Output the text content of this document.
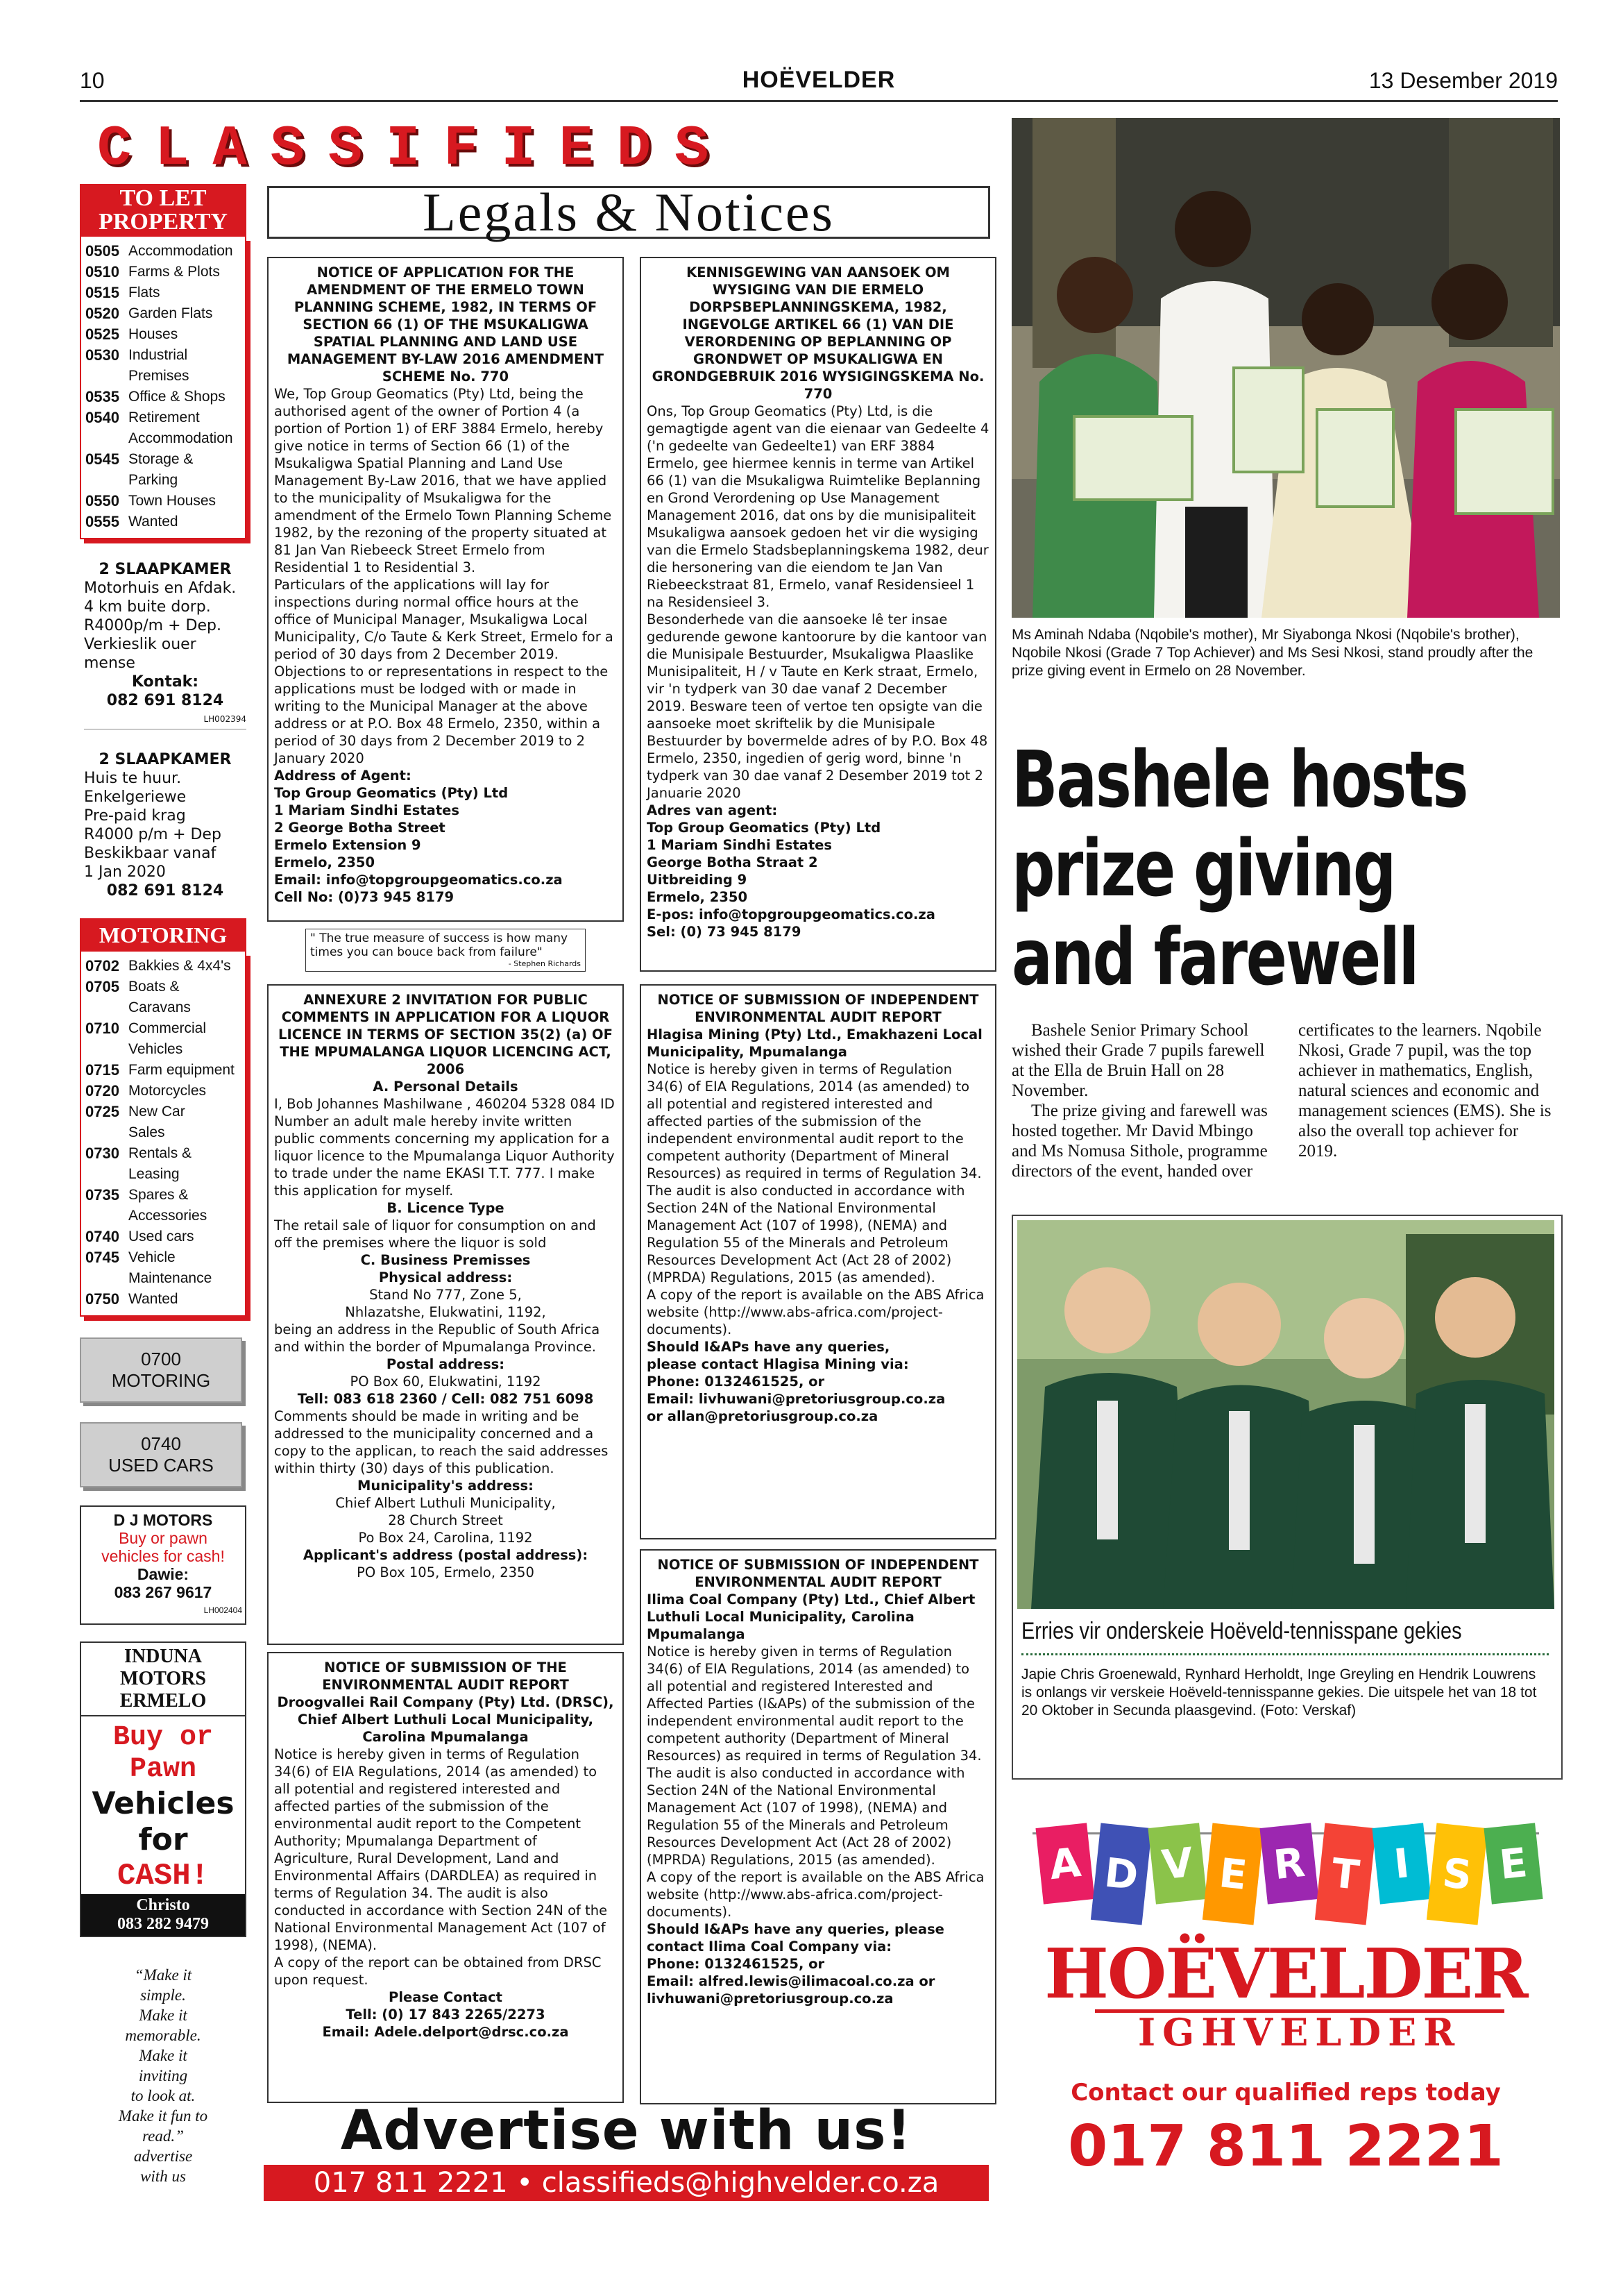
10	HOËVELDER	13 Desember 2019
CLASSIFIEDS
TO LET
PROPERTY
0505 Accommodation
0510 Farms & Plots
0515 Flats
0520 Garden Flats
0525 Houses
0530 Industrial
Premises
0535 Office & Shops
0540 Retirement
Accommodation
0545 Storage &
Parking
0550 Town Houses
0555 Wanted
2 SLAAPKAMER
Motorhuis en Afdak.
4 km buite dorp.
R4000p/m + Dep.
Verkieslik ouer
mense
Kontak:
082 691 8124
LH002394
2 SLAAPKAMER
Huis te huur.
Enkelgeriewe
Pre-paid krag
R4000 p/m + Dep
Beskikbaar vanaf
1 Jan 2020
082 691 8124
MOTORING
0702 Bakkies & 4x4's
0705 Boats &
Caravans
0710 Commercial
Vehicles
0715 Farm equipment
0720 Motorcycles
0725 New Car
Sales
0730 Rentals &
Leasing
0735 Spares &
Accessories
0740 Used cars
0745 Vehicle
Maintenance
0750 Wanted
0700
MOTORING
0740
USED CARS
D J MOTORS
Buy or pawn
vehicles for cash!
Dawie:
083 267 9617
LH002404
INDUNA MOTORS
ERMELO
Buy or
Pawn
Vehicles
for
CASH!
Christo
083 282 9479
“Make it
simple.
Make it
memorable.
Make it
inviting
to look at.
Make it fun to
read.”
advertise
with us
Legals & Notices
NOTICE OF APPLICATION FOR THE AMENDMENT OF THE ERMELO TOWN PLANNING SCHEME, 1982, IN TERMS OF SECTION 66 (1) OF THE MSUKALIGWA SPATIAL PLANNING AND LAND USE MANAGEMENT BY-LAW 2016 AMENDMENT SCHEME No. 770
We, Top Group Geomatics (Pty) Ltd, being the authorised agent of the owner of Portion 4 (a portion of Portion 1) of ERF 3884 Ermelo, hereby give notice in terms of Section 66 (1) of the Msukaligwa Spatial Planning and Land Use Management By-Law 2016, that we have applied to the municipality of Msukaligwa for the amendment of the Ermelo Town Planning Scheme 1982, by the rezoning of the property situated at 81 Jan Van Riebeeck Street Ermelo from Residential 1 to Residential 3.
Particulars of the applications will lay for inspections during normal office hours at the office of Municipal Manager, Msukaligwa Local Municipality, C/o Taute & Kerk Street, Ermelo for a period of 30 days from 2 December 2019. Objections to or representations in respect to the applications must be lodged with or made in writing to the Municipal Manager at the above address or at P.O. Box 48 Ermelo, 2350, within a period of 30 days from 2 December 2019 to 2 January 2020
Address of Agent:
Top Group Geomatics (Pty) Ltd
1 Mariam Sindhi Estates
2 George Botha Street
Ermelo Extension 9
Ermelo, 2350
Email: info@topgroupgeomatics.co.za
Cell No: (0)73 945 8179
KENNISGEWING VAN AANSOEK OM WYSIGING VAN DIE ERMELO DORPSBEPLANNINGSKEMA, 1982, INGEVOLGE ARTIKEL 66 (1) VAN DIE VERORDENING OP BEPLANNING OP GRONDWET OP MSUKALIGWA EN GRONDGEBRUIK 2016 WYSIGINGSKEMA No. 770
Ons, Top Group Geomatics (Pty) Ltd, is die gemagtigde agent van die eienaar van Gedeelte 4 ('n gedeelte van Gedeelte1) van ERF 3884 Ermelo, gee hiermee kennis in terme van Artikel 66 (1) van die Msukaligwa Ruimtelike Beplanning en Grond Verordening op Use Management Management 2016, dat ons by die munisipaliteit Msukaligwa aansoek gedoen het vir die wysiging van die Ermelo Stadsbeplanningskema 1982, deur die hersonering van die eiendom te Jan Van Riebeeckstraat 81, Ermelo, vanaf Residensieel 1 na Residensieel 3.
Besonderhede van die aansoeke lê ter insae gedurende gewone kantoorure by die kantoor van die Munisipale Bestuurder, Msukaligwa Plaaslike Munisipaliteit, H / v Taute en Kerk straat, Ermelo, vir 'n tydperk van 30 dae vanaf 2 December 2019. Besware teen of vertoe ten opsigte van die aansoeke moet skriftelik by die Munisipale Bestuurder by bovermelde adres of by P.O. Box 48 Ermelo, 2350, ingedien of gerig word, binne 'n tydperk van 30 dae vanaf 2 Desember 2019 tot 2 Januarie 2020
Adres van agent:
Top Group Geomatics (Pty) Ltd
1 Mariam Sindhi Estates
George Botha Straat 2
Uitbreiding 9
Ermelo, 2350
E-pos: info@topgroupgeomatics.co.za
Sel: (0) 73 945 8179
" The true measure of success is how many times you can bouce back from failure"
- Stephen Richards
ANNEXURE 2 INVITATION FOR PUBLIC COMMENTS IN APPLICATION FOR A LIQUOR LICENCE IN TERMS OF SECTION 35(2) (a) OF THE MPUMALANGA LIQUOR LICENCING ACT, 2006
A. Personal Details
I, Bob Johannes Mashilwane , 460204 5328 084 ID Number an adult male hereby invite written public comments concerning my application for a liquor licence to the Mpumalanga Liquor Authority to trade under the name EKASI T.T. 777. I make this application for myself.
B. Licence Type
The retail sale of liquor for consumption on and off the premises where the liquor is sold
C. Business Premisses
Physical address:
Stand No 777, Zone 5,
Nhlazatshe, Elukwatini, 1192,
being an address in the Republic of South Africa and within the border of Mpumalanga Province.
Postal address:
PO Box 60, Elukwatini, 1192
Tell: 083 618 2360 / Cell: 082 751 6098
Comments should be made in writing and be addressed to the municipality concerned and a copy to the applican, to reach the said addresses within thirty (30) days of this publication.
Municipality's address:
Chief Albert Luthuli Municipality,
28 Church Street
Po Box 24, Carolina, 1192
Applicant's address (postal address):
PO Box 105, Ermelo, 2350
NOTICE OF SUBMISSION OF INDEPENDENT ENVIRONMENTAL AUDIT REPORT
Hlagisa Mining (Pty) Ltd., Emakhazeni Local Municipality, Mpumalanga
Notice is hereby given in terms of Regulation 34(6) of EIA Regulations, 2014 (as amended) to all potential and registered interested and affected parties of the submission of the independent environmental audit report to the competent authority (Department of Mineral Resources) as required in terms of Regulation 34.
The audit is also conducted in accordance with Section 24N of the National Environmental Management Act (107 of 1998), (NEMA) and Regulation 55 of the Minerals and Petroleum Resources Development Act (Act 28 of 2002) (MPRDA) Regulations, 2015 (as amended).
A copy of the report is available on the ABS Africa website (http://www.abs-africa.com/project-documents).
Should I&APs have any queries,
please contact Hlagisa Mining via:
Phone: 0132461525, or
Email: livhuwani@pretoriusgroup.co.za
or allan@pretoriusgroup.co.za
NOTICE OF SUBMISSION OF INDEPENDENT ENVIRONMENTAL AUDIT REPORT
Ilima Coal Company (Pty) Ltd., Chief Albert Luthuli Local Municipality, Carolina Mpumalanga
Notice is hereby given in terms of Regulation 34(6) of EIA Regulations, 2014 (as amended) to all potential and registered Interested and Affected Parties (I&APs) of the submission of the independent environmental audit report to the competent authority (Department of Mineral Resources) as required in terms of Regulation 34.
The audit is also conducted in accordance with Section 24N of the National Environmental Management Act (107 of 1998), (NEMA) and Regulation 55 of the Minerals and Petroleum Resources Development Act (Act 28 of 2002) (MPRDA) Regulations, 2015 (as amended).
A copy of the report is available on the ABS Africa website (http://www.abs-africa.com/project-documents).
Should I&APs have any queries, please contact Ilima Coal Company via:
Phone: 0132461525, or
Email: alfred.lewis@ilimacoal.co.za or livhuwani@pretoriusgroup.co.za
NOTICE OF SUBMISSION OF THE ENVIRONMENTAL AUDIT REPORT
Droogvallei Rail Company (Pty) Ltd. (DRSC), Chief Albert Luthuli Local Municipality, Carolina Mpumalanga
Notice is hereby given in terms of Regulation 34(6) of EIA Regulations, 2014 (as amended) to all potential and registered interested and affected parties of the submission of the environmental audit report to the Competent Authority; Mpumalanga Department of Agriculture, Rural Development, Land and Environmental Affairs (DARDLEA) as required in terms of Regulation 34. The audit is also conducted in accordance with Section 24N of the National Environmental Management Act (107 of 1998), (NEMA).
A copy of the report can be obtained from DRSC upon request.
Please Contact
Tell: (0) 17 843 2265/2273
Email: Adele.delport@drsc.co.za
Advertise with us!
017 811 2221 • classifieds@highvelder.co.za
Ms Aminah Ndaba (Nqobile's mother), Mr Siyabonga Nkosi (Nqobile's brother), Nqobile Nkosi (Grade 7 Top Achiever) and Ms Sesi Nkosi, stand proudly after the prize giving event in Ermelo on 28 November.
Bashele hosts
prize giving
and farewell

Bashele Senior Primary School wished their Grade 7 pupils farewell at the Ella de Bruin Hall on 28 November.

The prize giving and farewell was hosted together. Mr David Mbingo and Ms Nomusa Sithole, programme directors of the event, handed over certificates to the learners. Nqobile Nkosi, Grade 7 pupil, was the top achiever in mathematics, English, natural sciences and economic and management sciences (EMS). She is also the overall top achiever for 2019.

Erries vir onderskeie Hoëveld-tennisspane gekies
Japie Chris Groenewald, Rynhard Herholdt, Inge Greyling en Hendrik Louwrens is onlangs vir verskeie Hoëveld-tennisspanne gekies. Die uitspele het van 18 tot 20 Oktober in Secunda plaasgevind. (Foto: Verskaf)
A D V E R T I S E
HOËVELDER
IGHVELDER
Contact our qualified reps today
017 811 2221
